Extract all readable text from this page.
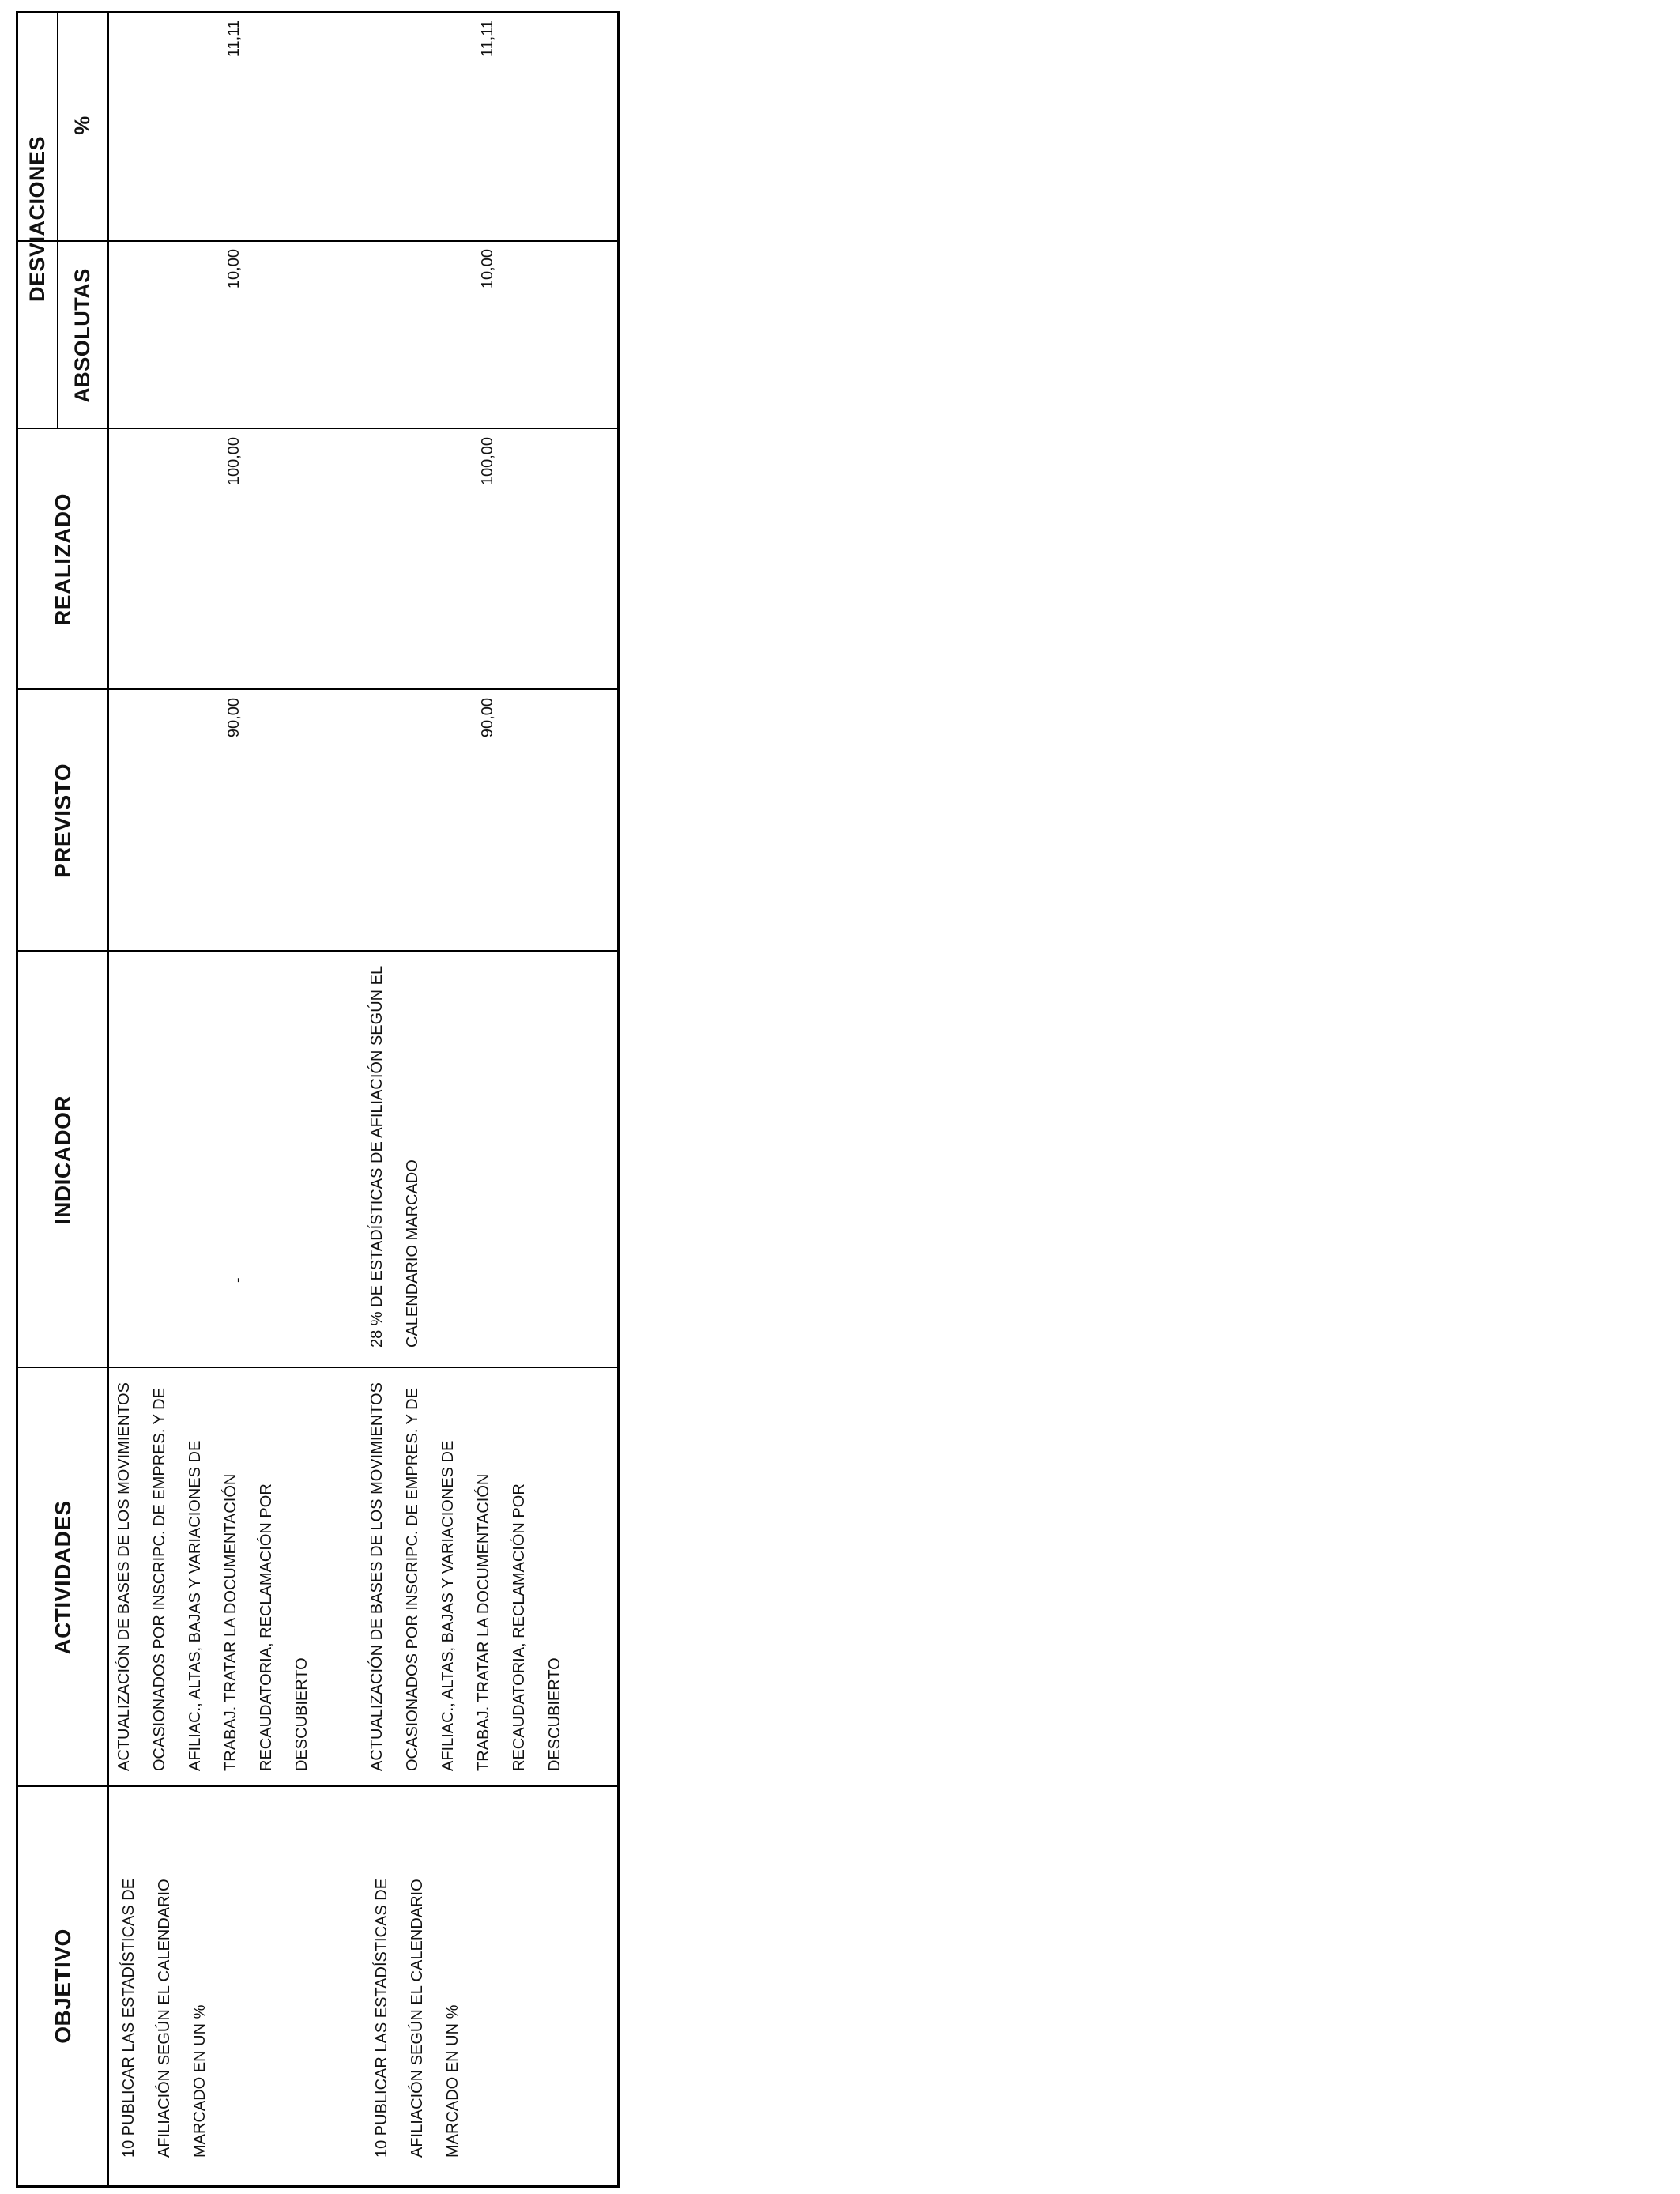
OBJETIVO
ACTIVIDADES
INDICADOR
PREVISTO
REALIZADO
DESVIACIONES
ABSOLUTAS
%
10 PUBLICAR LAS ESTADÍSTICAS DE AFILIACIÓN SEGÚN EL CALENDARIO MARCADO EN UN %
ACTUALIZACIÓN DE BASES DE LOS MOVIMIENTOS OCASIONADOS POR INSCRIPC. DE EMPRES. Y DE AFILIAC., ALTAS, BAJAS Y VARIACIONES DE TRABAJ. TRATAR LA DOCUMENTACIÓN RECAUDATORIA, RECLAMACIÓN POR DESCUBIERTO
-
90,00
100,00
10,00
11,11
10 PUBLICAR LAS ESTADÍSTICAS DE AFILIACIÓN SEGÚN EL CALENDARIO MARCADO EN UN %
ACTUALIZACIÓN DE BASES DE LOS MOVIMIENTOS OCASIONADOS POR INSCRIPC. DE EMPRES. Y DE AFILIAC., ALTAS, BAJAS Y VARIACIONES DE TRABAJ. TRATAR LA DOCUMENTACIÓN RECAUDATORIA, RECLAMACIÓN POR DESCUBIERTO
28 % DE ESTADÍSTICAS DE AFILIACIÓN SEGÚN EL CALENDARIO MARCADO
90,00
100,00
10,00
11,11
